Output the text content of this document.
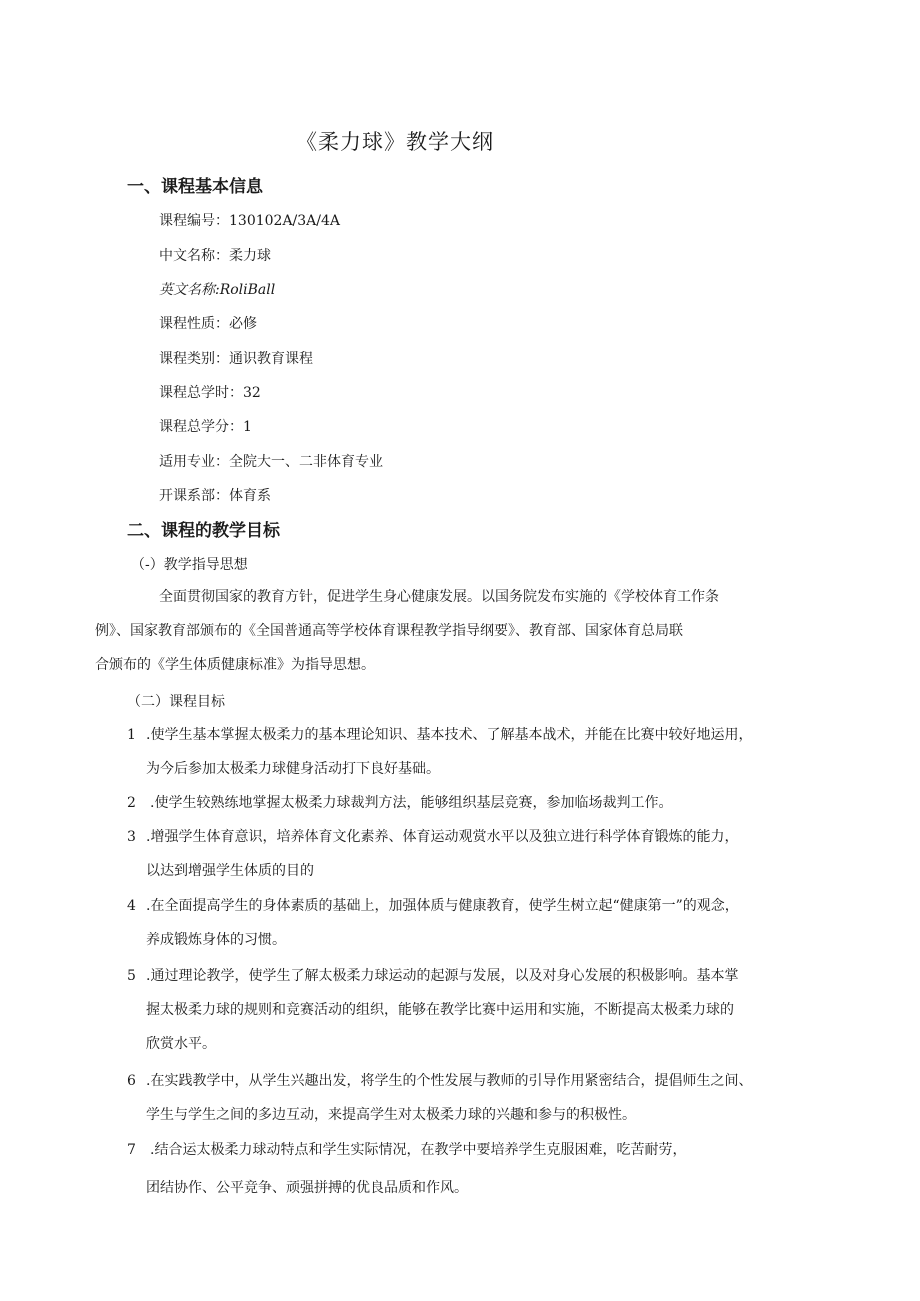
《柔力球》教学大纲
一、课程基本信息
课程编号：130102A/3A/4A
中文名称：柔力球
英文名称:RoliBall
课程性质：必修
课程类别：通识教育课程
课程总学时：32
课程总学分：1
适用专业：全院大一、二非体育专业
开课系部：体育系
二、课程的教学目标
（-）教学指导思想
全面贯彻国家的教育方针，促进学生身心健康发展。以国务院发布实施的《学校体育工作条
例》、国家教育部颁布的《全国普通高等学校体育课程教学指导纲要》、教育部、国家体育总局联
合颁布的《学生体质健康标准》为指导思想。
（二）课程目标
1 .使学生基本掌握太极柔力的基本理论知识、基本技术、了解基本战术，并能在比赛中较好地运用，
为今后参加太极柔力球健身活动打下良好基础。
2 .使学生较熟练地掌握太极柔力球裁判方法，能够组织基层竞赛，参加临场裁判工作。
3 .增强学生体育意识，培养体育文化素养、体育运动观赏水平以及独立进行科学体育锻炼的能力，
以达到增强学生体质的目的
4 .在全面提高学生的身体素质的基础上，加强体质与健康教育，使学生树立起“健康第一”的观念，
养成锻炼身体的习惯。
5 .通过理论教学，使学生了解太极柔力球运动的起源与发展，以及对身心发展的积极影响。基本掌
握太极柔力球的规则和竞赛活动的组织，能够在教学比赛中运用和实施，不断提高太极柔力球的
欣赏水平。
6 .在实践教学中，从学生兴趣出发，将学生的个性发展与教师的引导作用紧密结合，提倡师生之间、
学生与学生之间的多边互动，来提高学生对太极柔力球的兴趣和参与的积极性。
7 .结合运太极柔力球动特点和学生实际情况，在教学中要培养学生克服困难，吃苦耐劳，
团结协作、公平竞争、顽强拼搏的优良品质和作风。
